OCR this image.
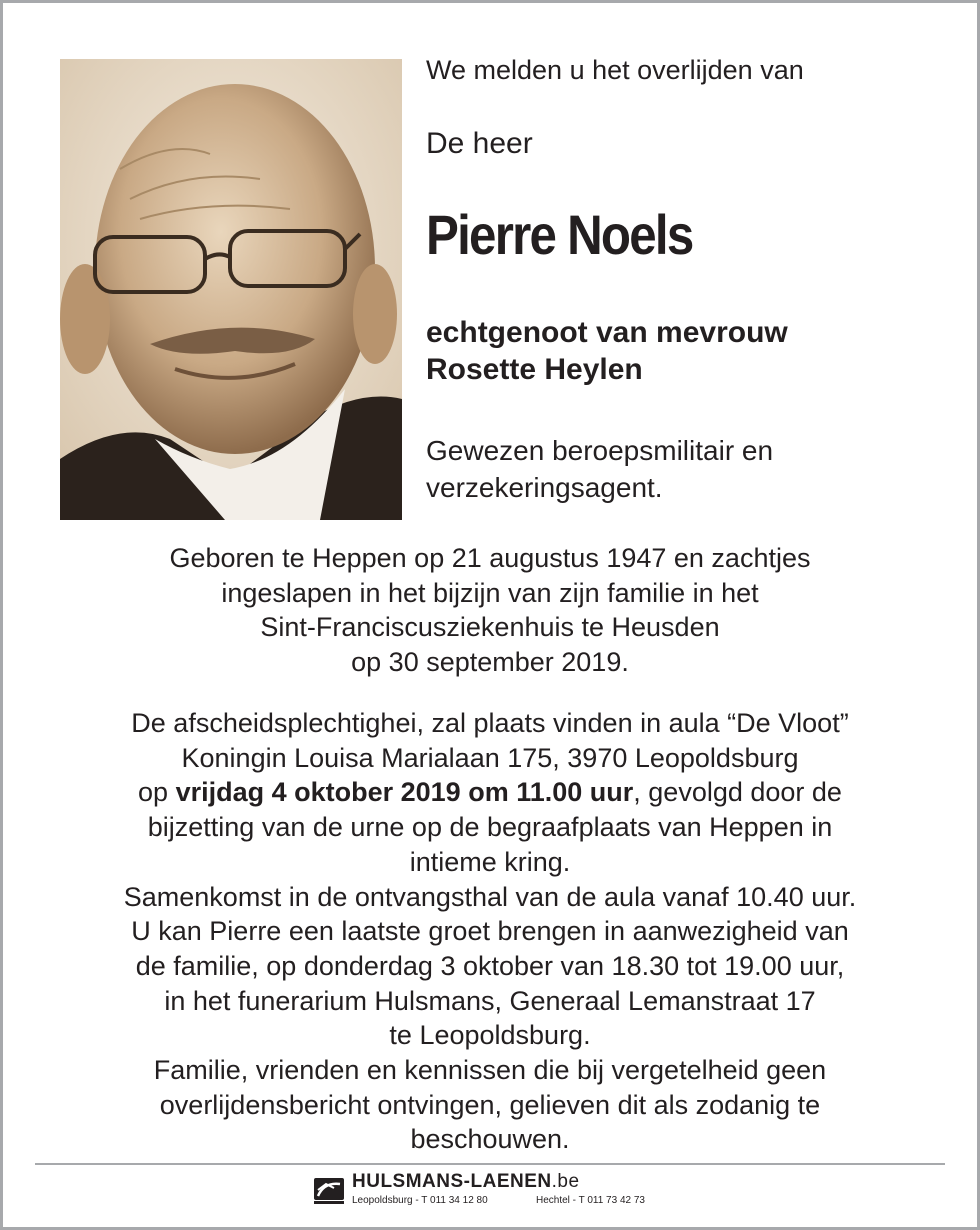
We melden u het overlijden van

De heer

Pierre Noels

echtgenoot van mevrouw
Rosette Heylen

Gewezen beroepsmilitair en
verzekeringsagent.

Geboren te Heppen op 21 augustus 1947 en zachtjes
ingeslapen in het bijzijn van zijn familie in het
Sint-Franciscusziekenhuis te Heusden
op 30 september 2019.

De afscheidsplechtighei, zal plaats vinden in aula “De Vloot”
Koningin Louisa Marialaan 175, 3970 Leopoldsburg
op vrijdag 4 oktober 2019 om 11.00 uur, gevolgd door de
bijzetting van de urne op de begraafplaats van Heppen in
intieme kring.
Samenkomst in de ontvangsthal van de aula vanaf 10.40 uur.
U kan Pierre een laatste groet brengen in aanwezigheid van
de familie, op donderdag 3 oktober van 18.30 tot 19.00 uur,
in het funerarium Hulsmans, Generaal Lemanstraat 17
te Leopoldsburg.
Familie, vrienden en kennissen die bij vergetelheid geen
overlijdensbericht ontvingen, gelieven dit als zodanig te
beschouwen.

HULSMANS-LAENEN.be
Leopoldsburg - T 011 34 12 80	Hechtel - T 011 73 42 73
